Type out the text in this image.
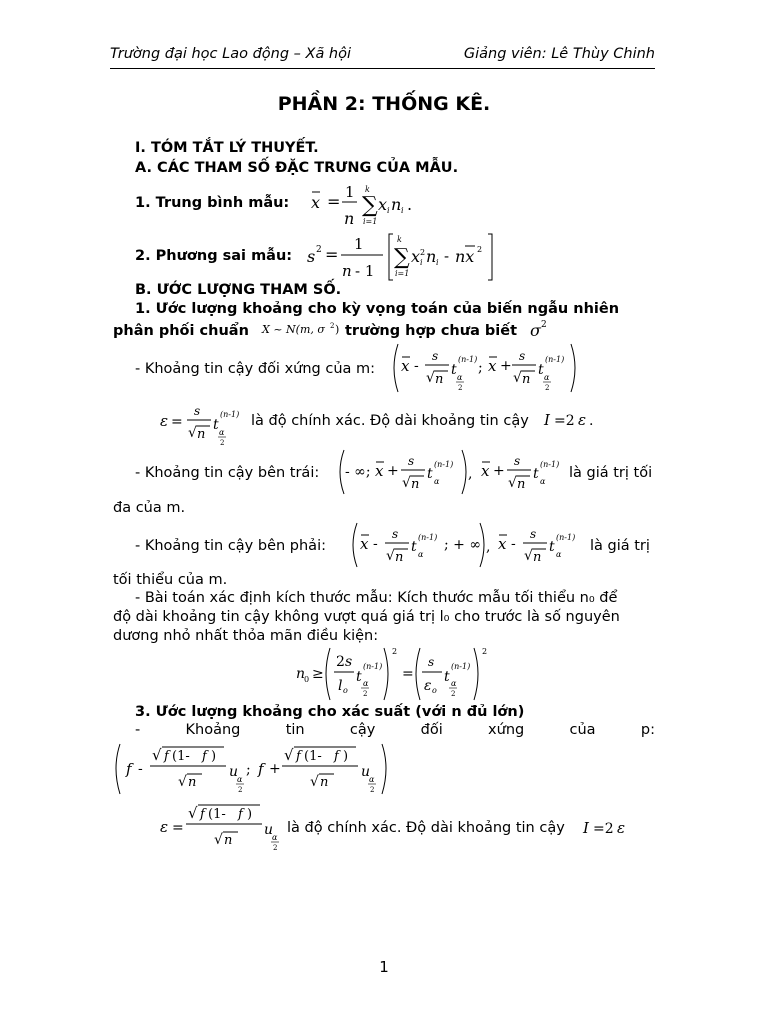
Trường đại học Lao động – Xã hội	Giảng viên: Lê Thùy Chinh
PHẦN 2: THỐNG KÊ.
I. TÓM TẮT LÝ THUYẾT.
A. CÁC THAM SỐ ĐẶC TRƯNG CỦA MẪU.
1. Trung bình mẫu: x = 1
n
∑
k
i=1
x i n i .
2. Phương sai mẫu: s 2 =
1
n - 1
∑
k
i=1
x 2
i n i - nx 2
B. ƯỚC LƯỢNG THAM SỐ.
1. Ước lượng khoảng cho kỳ vọng toán của biến ngẫu nhiên
phân phối chuẩn X ~ N(m, σ 2 ) trường hợp chưa biết σ 2
- Khoảng tin cậy đối xứng của m: x -
s
√ n
t
(n-1)
α
2
; x +
s
√ n
t
(n-1)
α
2
ε =
s
√ n
t
(n-1)
α
2
là độ chính xác. Độ dài khoảng tin cậy I =2 ε .
- Khoảng tin cậy bên trái: - ∞; x +
s
√ n
t
(n-1)
α , x +
s
√ n
t
(n-1)
α
là giá trị tối
đa của m.
- Khoảng tin cậy bên phải: x -
s
√ n
t
(n-1)
α
; + ∞ , x -
s
√ n
t
(n-1)
α
là giá trị
tối thiểu của m.
- Bài toán xác định kích thước mẫu: Kích thước mẫu tối thiểu n₀ để
độ dài khoảng tin cậy không vượt quá giá trị l₀ cho trước là số nguyên
dương nhỏ nhất thỏa mãn điều kiện:
n
0 ≥
2 s
l o
t
(n-1)
α
2
2
=
s
ε o
t
(n-1)
α
2
2
3. Ước lượng khoảng cho xác suất (với n đủ lớn)
-	Khoảng	tin	cậy	đối	xứng	của	p:
f -
√ f (1- f )
√ n
u
α
2
; f +
√ f (1- f )
√ n
u
α
2
ε =
√ f (1- f )
√ n
u
α
2
là độ chính xác. Độ dài khoảng tin cậy I =2 ε
1
